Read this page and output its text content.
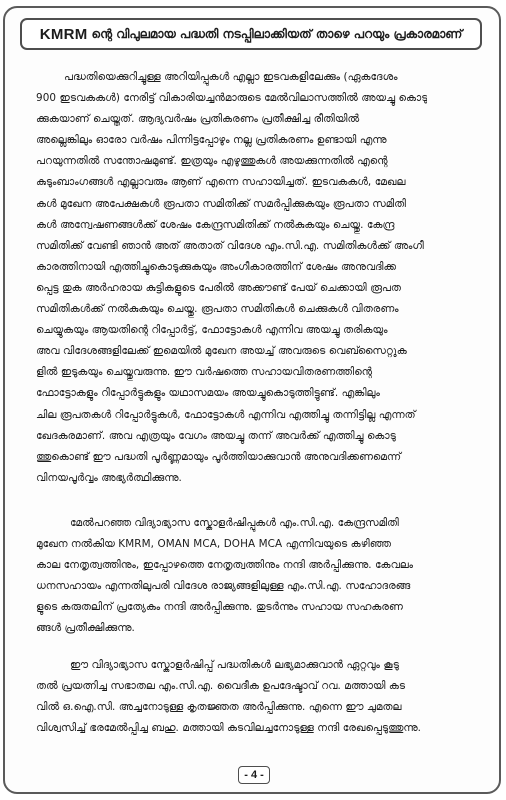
KMRM ന്റെ വിപുലമായ പദ്ധതി നടപ്പിലാക്കിയത് താഴെ പറയും പ്രകാരമാണ്

പദ്ധതിയെക്കുറിച്ചുള്ള അറിയിപ്പുകൾ എല്ലാ ഇടവകളിലേക്കും (ഏകദേശം
900 ഇടവകകൾ) നേരിട്ട് വികാരിയച്ചൻമാരുടെ മേൽവിലാസത്തിൽ അയച്ചു കൊടു
ക്കുകയാണ് ചെയ്തത്. ആദ്യവർഷം പ്രതികരണം പ്രതീക്ഷിച്ച രീതിയിൽ
അല്ലെങ്കിലും ഓരോ വർഷം പിന്നിട്ടപ്പോഴും നല്ല പ്രതികരണം ഉണ്ടായി എന്നു
പറയുന്നതിൽ സന്തോഷമുണ്ട്. ഇത്രയും എഴുത്തുകൾ അയക്കുന്നതിൽ എന്റെ
കുടുംബാംഗങ്ങൾ എല്ലാവരും ആണ് എന്നെ സഹായിച്ചത്. ഇടവകകൾ, മേഖല
കൾ മുഖേന അപേക്ഷകൾ രൂപതാ സമിതിക്ക് സമർപ്പിക്കുകയും രൂപതാ സമിതി
കൾ അന്വേഷണങ്ങൾക്ക് ശേഷം കേന്ദ്രസമിതിക്ക് നൽകുകയും ചെയ്തു. കേന്ദ്ര
സമിതിക്ക് വേണ്ടി ഞാൻ അത് അതാത് വിദേശ എം.സി.എ. സമിതികൾക്ക് അംഗീ
കാരത്തിനായി എത്തിച്ചുകൊടുക്കുകയും അംഗീകാരത്തിന് ശേഷം അനുവദിക്ക
പ്പെട്ട തുക അർഹരായ കുട്ടികളുടെ പേരിൽ അക്കൗണ്ട് പേയ് ചെക്കായി രൂപത
സമിതികൾക്ക് നൽകുകയും ചെയ്തു. രൂപതാ സമിതികൾ ചെക്കുകൾ വിതരണം
ചെയ്യുകയും ആയതിന്റെ റിപ്പോർട്ട്, ഫോട്ടോകൾ എന്നിവ അയച്ചു തരികയും
അവ വിദേശങ്ങളിലേക്ക് ഇമെയിൽ മുഖേന അയച്ച് അവരുടെ വെബ്സൈറ്റുക
ളിൽ ഇടുകയും ചെയ്തുവരുന്നു. ഈ വർഷത്തെ സഹായവിതരണത്തിന്റെ
ഫോട്ടോകളും റിപ്പോർട്ടുകളും യഥാസമയം അയച്ചുകൊടുത്തിട്ടുണ്ട്. എങ്കിലും
ചില രൂപതകൾ റിപ്പോർട്ടുകൾ, ഫോട്ടോകൾ എന്നിവ എത്തിച്ചു തന്നിട്ടില്ല എന്നത്
ഖേദകരമാണ്. അവ എത്രയും വേഗം അയച്ചു തന്ന് അവർക്ക് എത്തിച്ചു കൊടു
ത്തുകൊണ്ട് ഈ പദ്ധതി പൂർണ്ണമായും പൂർത്തിയാക്കുവാൻ അനുവദിക്കണമെന്ന്
വിനയപൂർവ്വം അഭ്യർത്ഥിക്കുന്നു.

മേൽപറഞ്ഞ വിദ്യാഭ്യാസ സ്കോളർഷിപ്പുകൾ എം.സി.എ. കേന്ദ്രസമിതി
മുഖേന നൽകിയ KMRM, OMAN MCA, DOHA MCA എന്നിവയുടെ കഴിഞ്ഞ
കാല നേതൃത്വത്തിനും, ഇപ്പോഴത്തെ നേതൃത്വത്തിനും നന്ദി അർപ്പിക്കുന്നു. കേവലം
ധനസഹായം എന്നതിലുപരി വിദേശ രാജ്യങ്ങളിലുള്ള എം.സി.എ. സഹോദരങ്ങ
ളുടെ കരുതലിന് പ്രത്യേകം നന്ദി അർപ്പിക്കുന്നു. തുടർന്നും സഹായ സഹകരണ
ങ്ങൾ പ്രതീക്ഷിക്കുന്നു.

ഈ വിദ്യാഭ്യാസ സ്കോളർഷിപ്പ് പദ്ധതികൾ ലഭ്യമാക്കുവാൻ ഏറ്റവും കൂടു
തൽ പ്രയത്നിച്ച സഭാതല എം.സി.എ. വൈദീക ഉപദേഷ്ടാവ് റവ. മത്തായി കട
വിൽ ഒ.ഐ.സി. അച്ചനോടുള്ള കൃതജ്ഞത അർപ്പിക്കുന്നു. എന്നെ ഈ ചുമതല
വിശ്വസിച്ച് ഭരമേൽപ്പിച്ച ബഹു. മത്തായി കടവിലച്ചനോടുള്ള നന്ദി രേഖപ്പെടുത്തുന്നു.

- 4 -
